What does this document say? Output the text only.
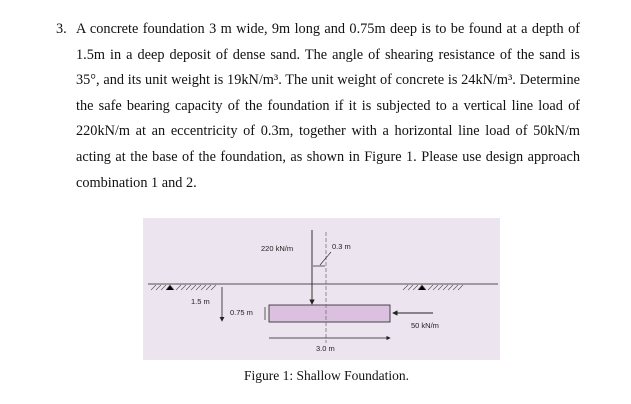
3. A concrete foundation 3 m wide, 9m long and 0.75m deep is to be found at a depth of 1.5m in a deep deposit of dense sand. The angle of shearing resistance of the sand is 35°, and its unit weight is 19kN/m³. The unit weight of concrete is 24kN/m³. Determine the safe bearing capacity of the foundation if it is subjected to a vertical line load of 220kN/m at an eccentricity of 0.3m, together with a horizontal line load of 50kN/m acting at the base of the foundation, as shown in Figure 1. Please use design approach combination 1 and 2.
220 kN/m	0.3 m
1.5 m
0.75 m
50 kN/m
3.0 m
Figure 1: Shallow Foundation.
